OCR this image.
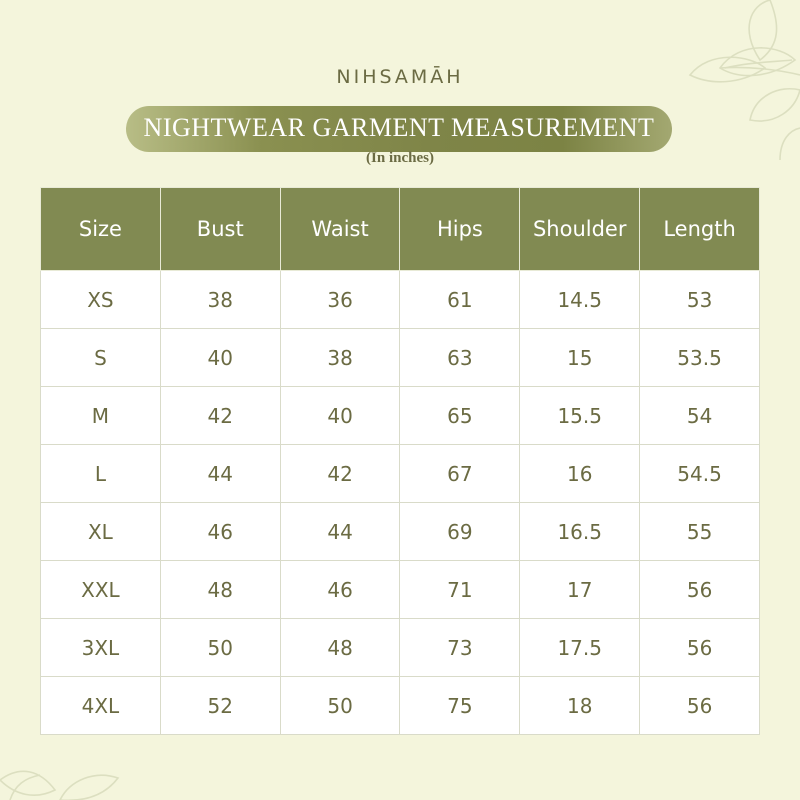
NIHSAMĀH
NIGHTWEAR GARMENT MEASUREMENT
(In inches)
Size	Bust	Waist	Hips	Shoulder	Length
XS	38	36	61	14.5	53
S	40	38	63	15	53.5
M	42	40	65	15.5	54
L	44	42	67	16	54.5
XL	46	44	69	16.5	55
XXL	48	46	71	17	56
3XL	50	48	73	17.5	56
4XL	52	50	75	18	56
